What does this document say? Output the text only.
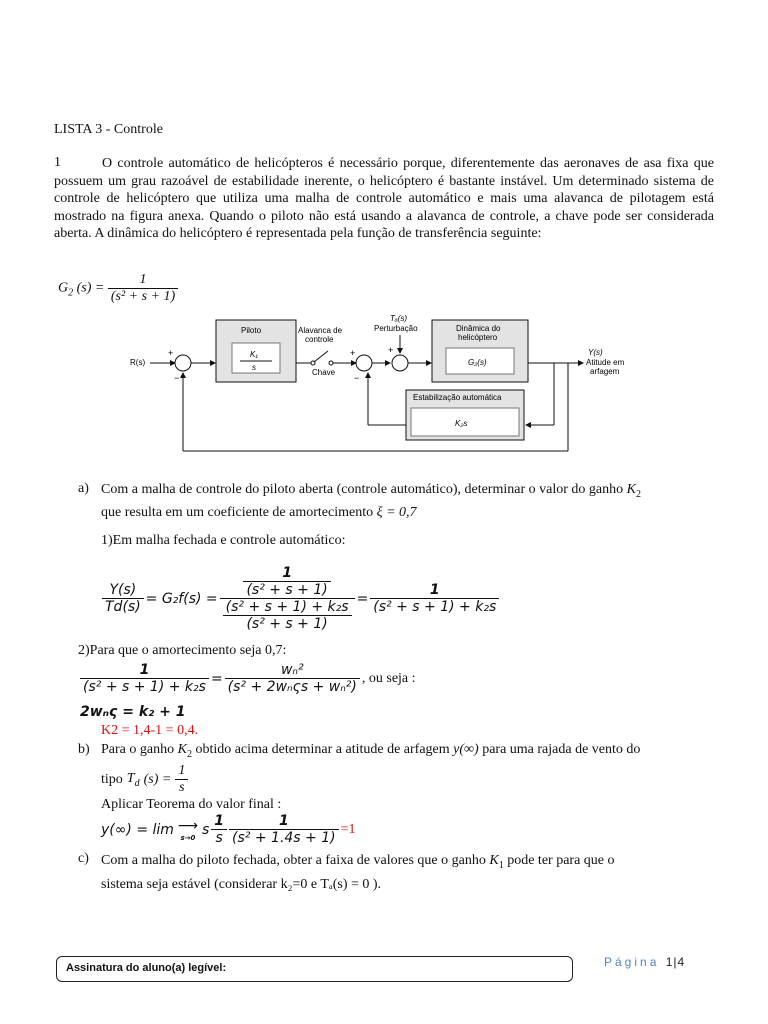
LISTA 3 - Controle
1	O controle automático de helicópteros é necessário porque, diferentemente das aeronaves de asa fixa que possuem um grau razoável de estabilidade inerente, o helicóptero é bastante instável. Um determinado sistema de controle de helicóptero que utiliza uma malha de controle automático e mais uma alavanca de pilotagem está mostrado na figura anexa. Quando o piloto não está usando a alavanca de controle, a chave pode ser considerada aberta. A dinâmica do helicóptero é representada pela função de transferência seguinte:
$G_2$ $(s) = \frac{1}{\text{(s² + s + 1)}}$
R(s)
+
−
Piloto
K₁
s
Alavanca de
controle
Chave
+
−
Tₐ(s)
Perturbação
+
Dinâmica do
helicóptero
G₂(s)
Y(s)
Atitude em
arfagem
Estabilização automática
K₂s
a) Com a malha de controle do piloto aberta (controle automático), determinar o valor do ganho $K_2$
que resulta em um coeficiente de amortecimento ξ = 0,7
1)Em malha fechada e controle automático:
$\frac{Y(s)}{Td(s)} = G_2f(s) = \frac{\frac{1}{\text{(s² + s + 1)}}}{\frac{\text{(s² + s + 1) + k₂s}}{\text{(s² + s + 1)}}} = \frac{1}{\text{(s² + s + 1) + k₂s}}$
2)Para que o amortecimento seja 0,7:
$\frac{1}{\text{(s² + s + 1) + k₂s}} = \frac{\text{wₙ²}}{\text{(s² + 2wₙςs + wₙ²)}}$ , ou seja :
2wₙς = k₂ + 1
K2 = 1,4-1 = 0,4.
b) Para o ganho $K_2$ obtido acima determinar a atitude de arfagem y(∞) para uma rajada de vento do
tipo $T_d$ $(s) = \frac{1}{s}$
Aplicar Teorema do valor final :
y(∞) = lim ⟶
s→0 s $\frac{1}{s} \frac{1}{\text{(s² + 1.4s + 1)}} =1$
c) Com a malha do piloto fechada, obter a faixa de valores que o ganho $K_1$ pode ter para que o
sistema seja estável (considerar k₂=0 e Tₐ(s) = 0 ).
Assinatura do aluno(a) legível:	Página 1|4
